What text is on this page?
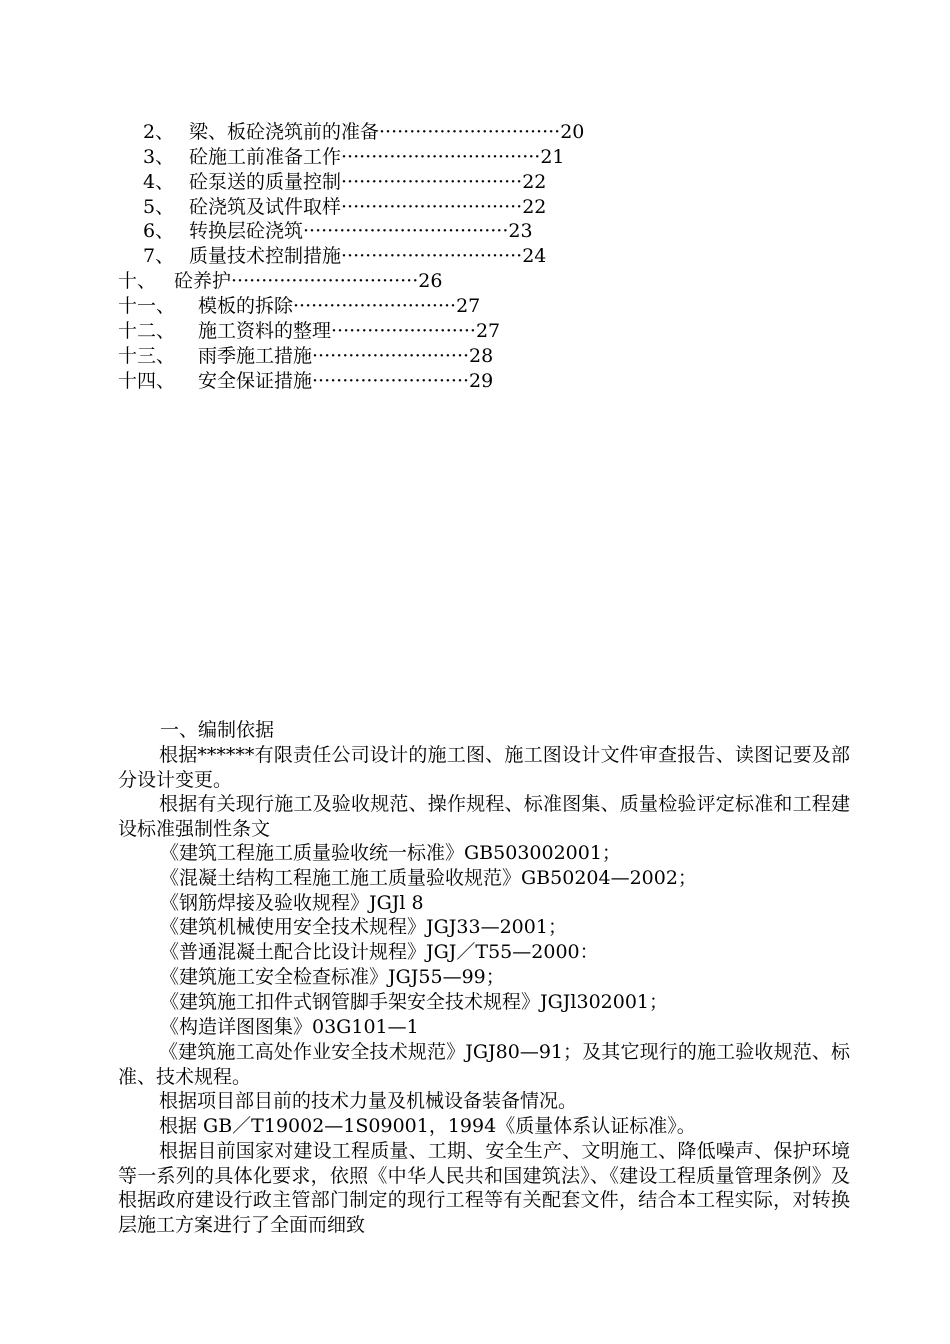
2、 梁、板砼浇筑前的准备······························20
3、 砼施工前准备工作·································21
4、 砼泵送的质量控制······························22
5、 砼浇筑及试件取样······························22
6、 转换层砼浇筑··································23
7、 质量技术控制措施······························24
十、 砼养护·······························26
十一、 模板的拆除···························27
十二、 施工资料的整理························27
十三、 雨季施工措施··························28
十四、 安全保证措施··························29
一、编制依据
根据******有限责任公司设计的施工图、施工图设计文件审查报告、读图记要及部分设计变更。
根据有关现行施工及验收规范、操作规程、标准图集、质量检验评定标准和工程建设标准强制性条文
《建筑工程施工质量验收统一标准》GB503002001；
《混凝土结构工程施工施工质量验收规范》GB50204—2002；
《钢筋焊接及验收规程》JGJl 8
《建筑机械使用安全技术规程》JGJ33—2001；
《普通混凝土配合比设计规程》JGJ／T55—2000：
《建筑施工安全检查标准》JGJ55—99；
《建筑施工扣件式钢管脚手架安全技术规程》JGJl302001；
《构造详图图集》03G101—1
《建筑施工高处作业安全技术规范》JGJ80—91；及其它现行的施工验收规范、标准、技术规程。
根据项目部目前的技术力量及机械设备装备情况。
根据 GB／T19002—1S09001，1994《质量体系认证标准》。
根据目前国家对建设工程质量、工期、安全生产、文明施工、降低噪声、保护环境等一系列的具体化要求，依照《中华人民共和国建筑法》、《建设工程质量管理条例》及根据政府建设行政主管部门制定的现行工程等有关配套文件，结合本工程实际，对转换层施工方案进行了全面而细致
